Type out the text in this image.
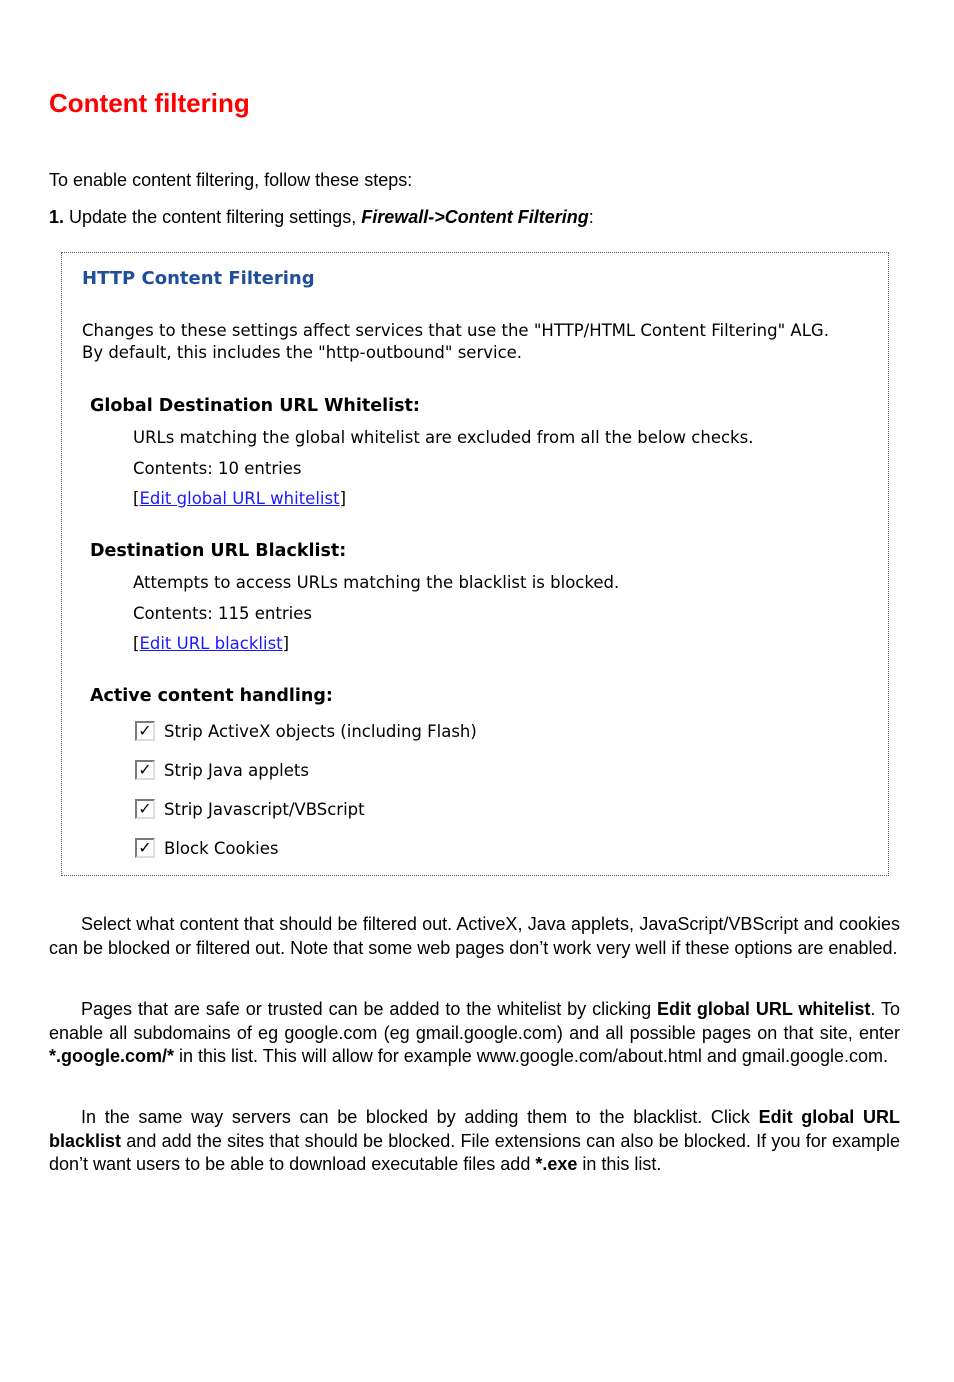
Content filtering

To enable content filtering, follow these steps:

1. Update the content filtering settings, Firewall->Content Filtering:

HTTP Content Filtering
Changes to these settings affect services that use the "HTTP/HTML Content Filtering" ALG.
By default, this includes the "http-outbound" service.
Global Destination URL Whitelist:
URLs matching the global whitelist are excluded from all the below checks.
Contents: 10 entries
[Edit global URL whitelist]
Destination URL Blacklist:
Attempts to access URLs matching the blacklist is blocked.
Contents: 115 entries
[Edit URL blacklist]
Active content handling:
✓ Strip ActiveX objects (including Flash)
✓ Strip Java applets
✓ Strip Javascript/VBScript
✓ Block Cookies

Select what content that should be filtered out. ActiveX, Java applets, JavaScript/VBScript and cookies can be blocked or filtered out. Note that some web pages don’t work very well if these options are enabled.

Pages that are safe or trusted can be added to the whitelist by clicking Edit global URL whitelist. To enable all subdomains of eg google.com (eg gmail.google.com) and all possible pages on that site, enter *.google.com/* in this list. This will allow for example www.google.com/about.html and gmail.google.com.

In the same way servers can be blocked by adding them to the blacklist. Click Edit global URL blacklist and add the sites that should be blocked. File extensions can also be blocked. If you for example don’t want users to be able to download executable files add *.exe in this list.
